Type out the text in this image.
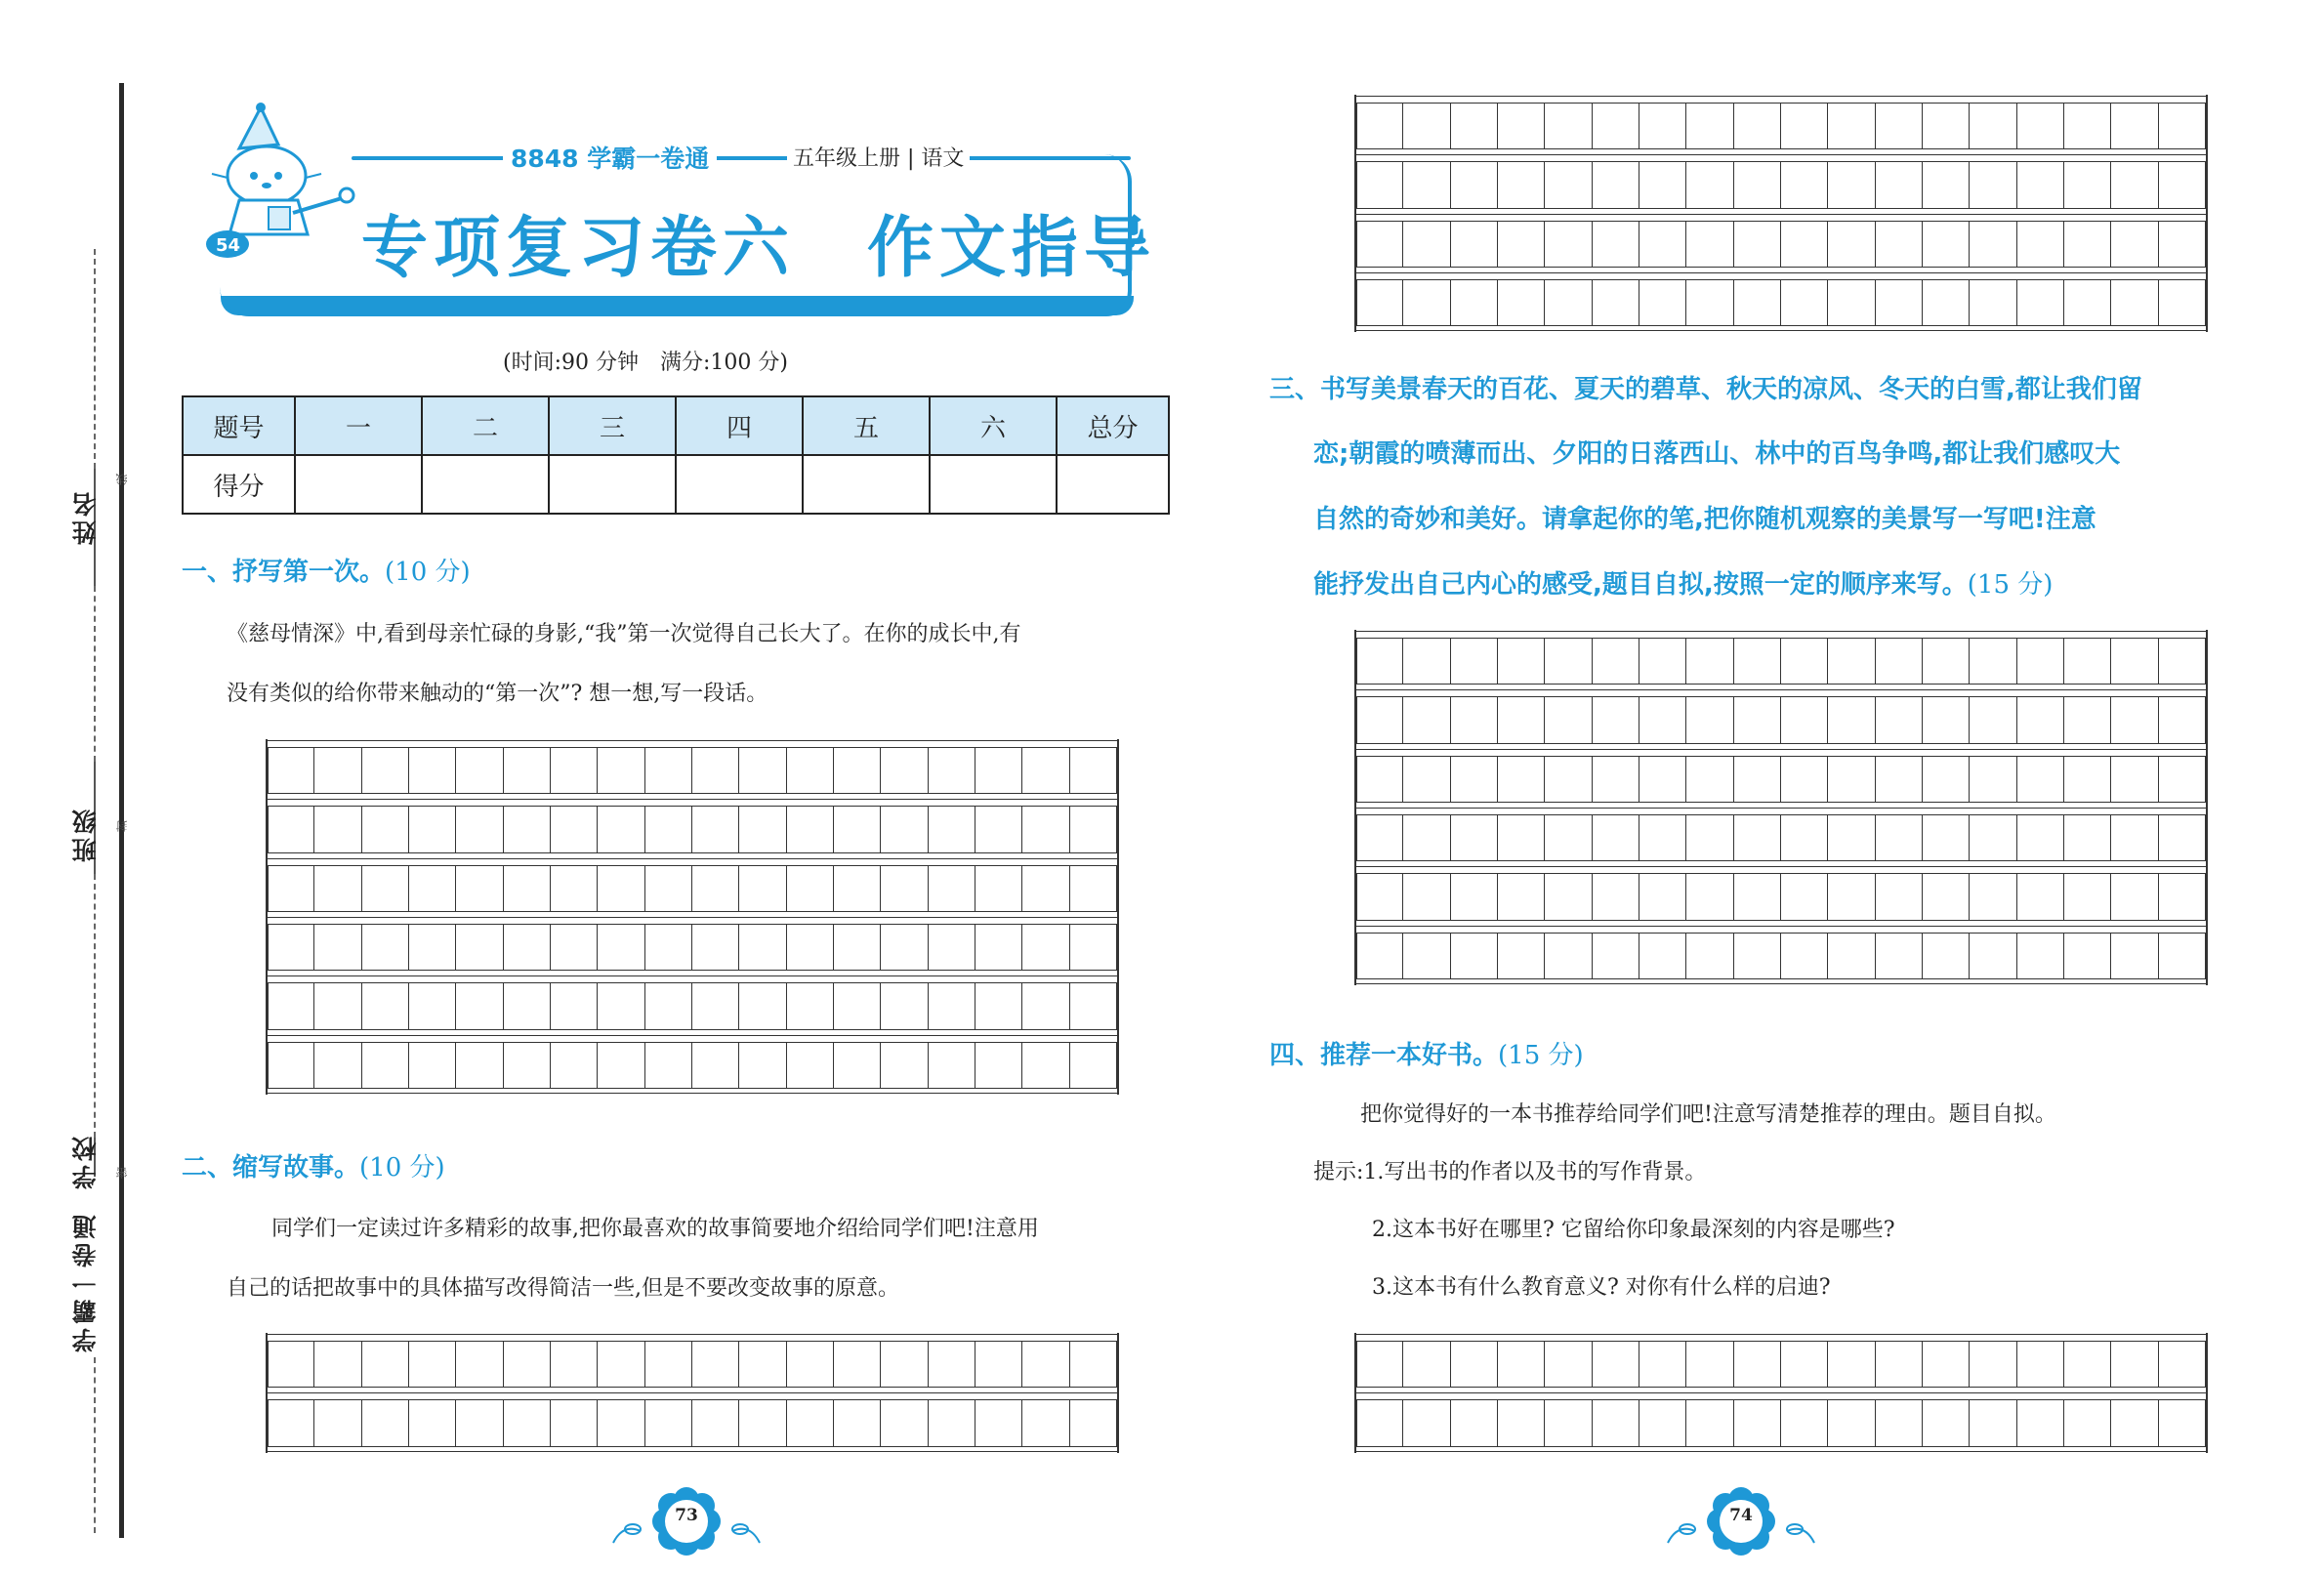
姓名
线
班级	封
学校	密
学霸一卷通
8848 学霸一卷通	五年级上册 | 语文
54 专项复习卷六　作文指导
(时间:90 分钟　满分:100 分)
题号	一	二	三	四	五	六	总分
得分							
一、抒写第一次。(10 分)
《慈母情深》中,看到母亲忙碌的身影,“我”第一次觉得自己长大了。在你的成长中,有
没有类似的给你带来触动的“第一次”? 想一想,写一段话。
二、缩写故事。(10 分)
同学们一定读过许多精彩的故事,把你最喜欢的故事简要地介绍给同学们吧!注意用
自己的话把故事中的具体描写改得简洁一些,但是不要改变故事的原意。
三、书写美景春天的百花、夏天的碧草、秋天的凉风、冬天的白雪,都让我们留
恋;朝霞的喷薄而出、夕阳的日落西山、林中的百鸟争鸣,都让我们感叹大
自然的奇妙和美好。请拿起你的笔,把你随机观察的美景写一写吧!注意
能抒发出自己内心的感受,题目自拟,按照一定的顺序来写。(15 分)
四、推荐一本好书。(15 分)
把你觉得好的一本书推荐给同学们吧!注意写清楚推荐的理由。题目自拟。
提示:1.写出书的作者以及书的写作背景。
2.这本书好在哪里? 它留给你印象最深刻的内容是哪些?
3.这本书有什么教育意义? 对你有什么样的启迪?
73	74
